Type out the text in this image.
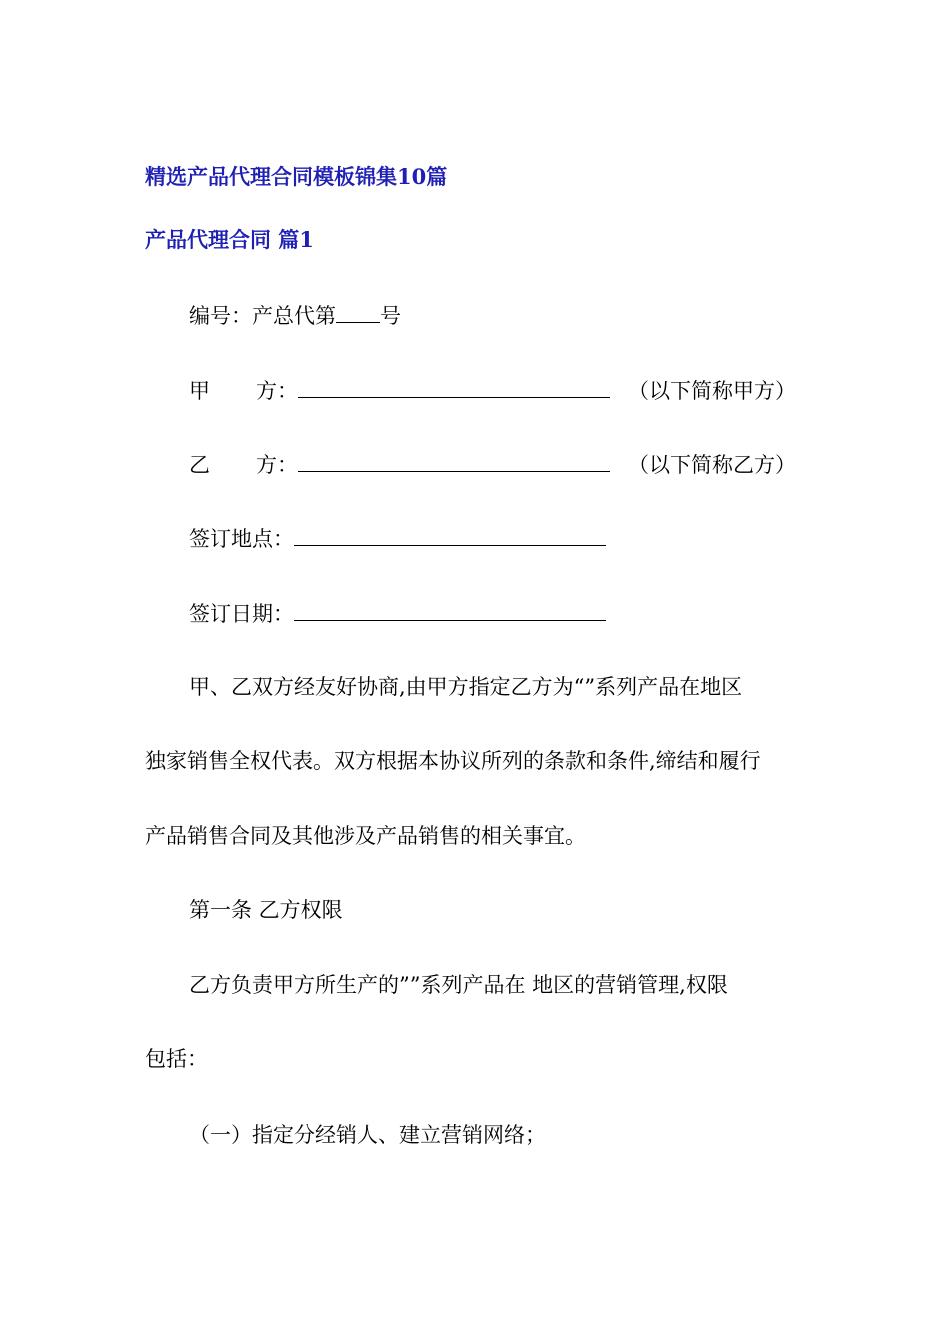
精选产品代理合同模板锦集10篇
产品代理合同 篇1
编号：产总代第 号
甲 方：	（以下简称甲方）
乙 方：	（以下简称乙方）
签订地点：
签订日期：
甲、乙双方经友好协商,由甲方指定乙方为“”系列产品在地区
独家销售全权代表。双方根据本协议所列的条款和条件,缔结和履行
产品销售合同及其他涉及产品销售的相关事宜。
第一条 乙方权限
乙方负责甲方所生产的””系列产品在 地区的营销管理,权限
包括：
（一）指定分经销人、建立营销网络；
